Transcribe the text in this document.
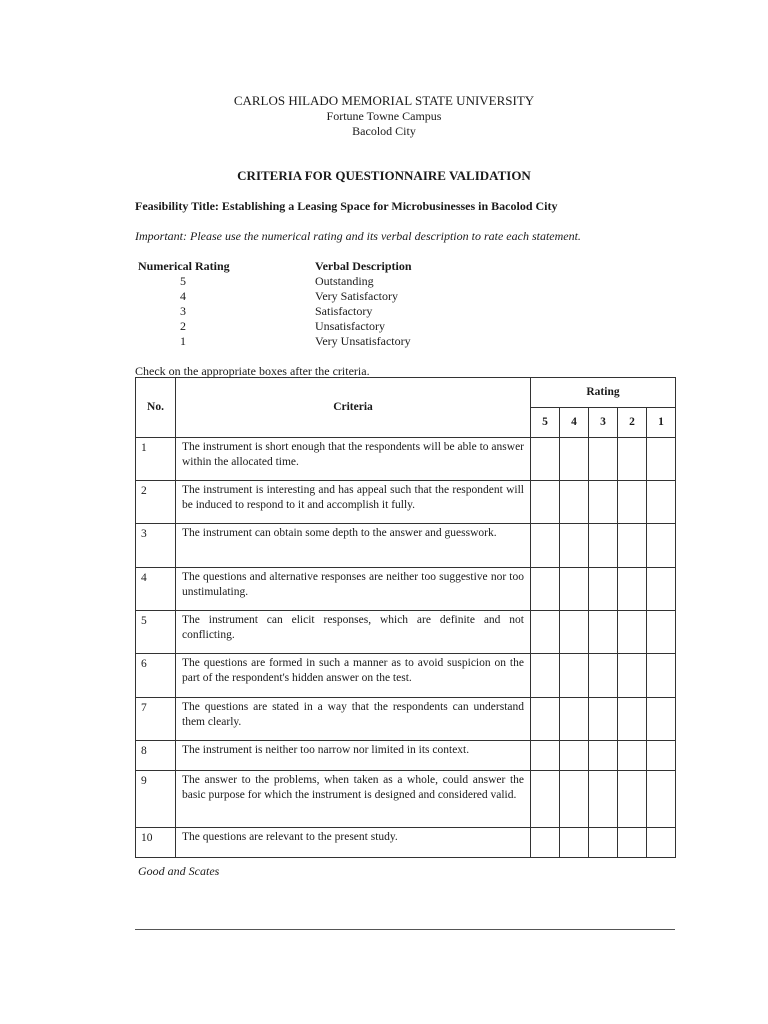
CARLOS HILADO MEMORIAL STATE UNIVERSITY
Fortune Towne Campus
Bacolod City
CRITERIA FOR QUESTIONNAIRE VALIDATION
Feasibility Title: Establishing a Leasing Space for Microbusinesses in Bacolod City
Important: Please use the numerical rating and its verbal description to rate each statement.
Numerical Rating	Verbal Description
5	Outstanding
4	Very Satisfactory
3	Satisfactory
2	Unsatisfactory
1	Very Unsatisfactory
Check on the appropriate boxes after the criteria.
No.	Criteria	Rating				
		5	4	3	2	1
1	The instrument is short enough that the respondents will be able to answer within the allocated time.					
2	The instrument is interesting and has appeal such that the respondent will be induced to respond to it and accomplish it fully.					
3	The instrument can obtain some depth to the answer and guesswork.					
4	The questions and alternative responses are neither too suggestive nor too unstimulating.					
5	The instrument can elicit responses, which are definite and not conflicting.					
6	The questions are formed in such a manner as to avoid suspicion on the part of the respondent's hidden answer on the test.					
7	The questions are stated in a way that the respondents can understand them clearly.					
8	The instrument is neither too narrow nor limited in its context.					
9	The answer to the problems, when taken as a whole, could answer the basic purpose for which the instrument is designed and considered valid.					
10	The questions are relevant to the present study.					
Good and Scates
